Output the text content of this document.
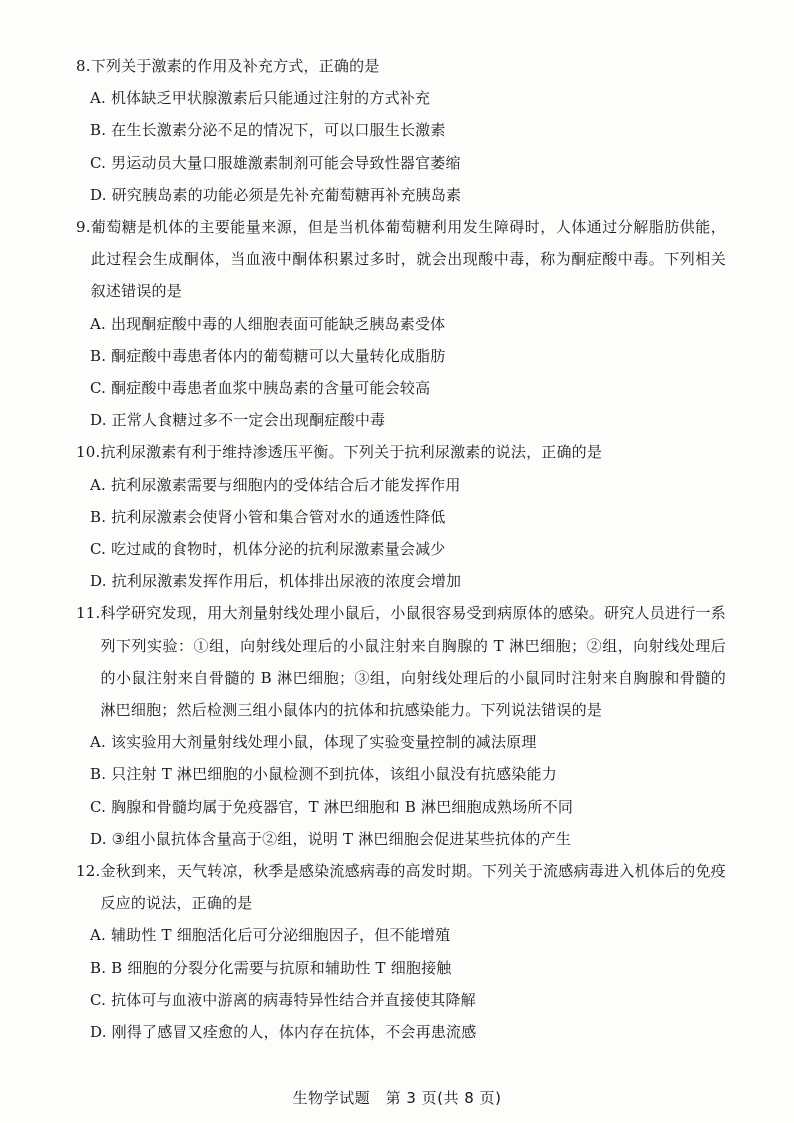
8. 下列关于激素的作用及补充方式，正确的是
A. 机体缺乏甲状腺激素后只能通过注射的方式补充
B. 在生长激素分泌不足的情况下，可以口服生长激素
C. 男运动员大量口服雄激素制剂可能会导致性器官萎缩
D. 研究胰岛素的功能必须是先补充葡萄糖再补充胰岛素
9. 葡萄糖是机体的主要能量来源，但是当机体葡萄糖利用发生障碍时，人体通过分解脂肪供能，此过程会生成酮体，当血液中酮体积累过多时，就会出现酸中毒，称为酮症酸中毒。下列相关叙述错误的是
A. 出现酮症酸中毒的人细胞表面可能缺乏胰岛素受体
B. 酮症酸中毒患者体内的葡萄糖可以大量转化成脂肪
C. 酮症酸中毒患者血浆中胰岛素的含量可能会较高
D. 正常人食糖过多不一定会出现酮症酸中毒
10. 抗利尿激素有利于维持渗透压平衡。下列关于抗利尿激素的说法，正确的是
A. 抗利尿激素需要与细胞内的受体结合后才能发挥作用
B. 抗利尿激素会使肾小管和集合管对水的通透性降低
C. 吃过咸的食物时，机体分泌的抗利尿激素量会减少
D. 抗利尿激素发挥作用后，机体排出尿液的浓度会增加
11. 科学研究发现，用大剂量射线处理小鼠后，小鼠很容易受到病原体的感染。研究人员进行一系列下列实验：①组，向射线处理后的小鼠注射来自胸腺的 T 淋巴细胞；②组，向射线处理后的小鼠注射来自骨髓的 B 淋巴细胞；③组，向射线处理后的小鼠同时注射来自胸腺和骨髓的淋巴细胞；然后检测三组小鼠体内的抗体和抗感染能力。下列说法错误的是
A. 该实验用大剂量射线处理小鼠，体现了实验变量控制的减法原理
B. 只注射 T 淋巴细胞的小鼠检测不到抗体，该组小鼠没有抗感染能力
C. 胸腺和骨髓均属于免疫器官，T 淋巴细胞和 B 淋巴细胞成熟场所不同
D. ③组小鼠抗体含量高于②组，说明 T 淋巴细胞会促进某些抗体的产生
12. 金秋到来，天气转凉，秋季是感染流感病毒的高发时期。下列关于流感病毒进入机体后的免疫反应的说法，正确的是
A. 辅助性 T 细胞活化后可分泌细胞因子，但不能增殖
B. B 细胞的分裂分化需要与抗原和辅助性 T 细胞接触
C. 抗体可与血液中游离的病毒特异性结合并直接使其降解
D. 刚得了感冒又痊愈的人，体内存在抗体，不会再患流感
生物学试题　第 3 页(共 8 页)
